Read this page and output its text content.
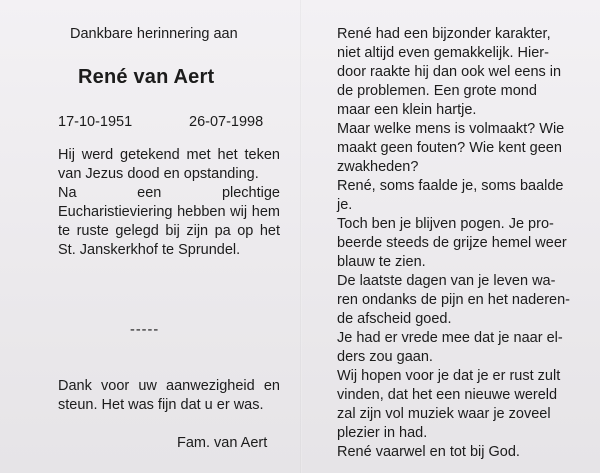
Dankbare herinnering aan
René van Aert
17-10-1951	26-07-1998

Hij werd getekend met het teken van Jezus dood en opstanding.

Na een plechtige Eucharistieviering hebben wij hem te ruste gelegd bij zijn pa op het St. Janskerkhof te Sprundel.

-----

Dank voor uw aanwezigheid en steun. Het was fijn dat u er was.

Fam. van Aert
René had een bijzonder karakter,
niet altijd even gemakkelijk. Hier-
door raakte hij dan ook wel eens in
de problemen. Een grote mond
maar een klein hartje.
Maar welke mens is volmaakt? Wie
maakt geen fouten? Wie kent geen
zwakheden?
René, soms faalde je, soms baalde
je.
Toch ben je blijven pogen. Je pro-
beerde steeds de grijze hemel weer
blauw te zien.
De laatste dagen van je leven wa-
ren ondanks de pijn en het naderen-
de afscheid goed.
Je had er vrede mee dat je naar el-
ders zou gaan.
Wij hopen voor je dat je er rust zult
vinden, dat het een nieuwe wereld
zal zijn vol muziek waar je zoveel
plezier in had.
René vaarwel en tot bij God.
